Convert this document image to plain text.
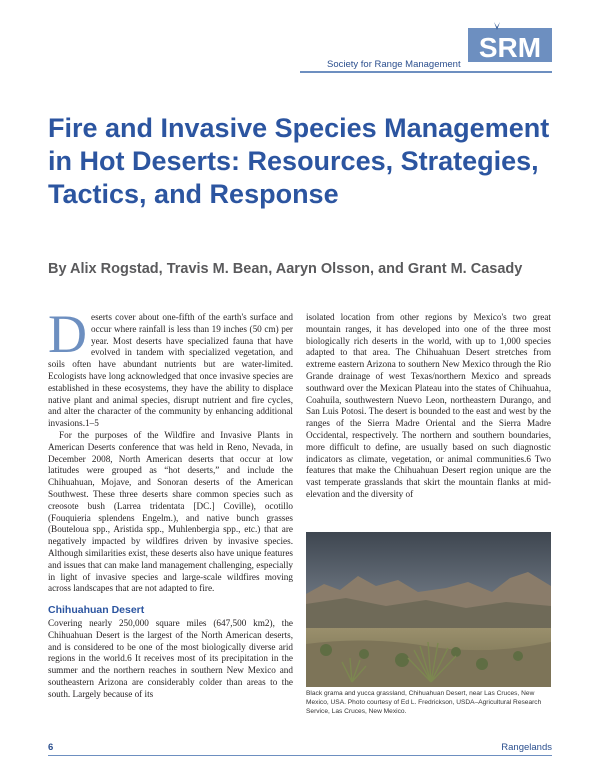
SRM
Society for Range Management
Fire and Invasive Species Management in Hot Deserts: Resources, Strategies, Tactics, and Response

By Alix Rogstad, Travis M. Bean, Aaryn Olsson, and Grant M. Casady

D eserts cover about one-fifth of the earth's surface and occur where rainfall is less than 19 inches (50 cm) per year. Most deserts have specialized fauna that have evolved in tandem with specialized vegetation, and soils often have abundant nutrients but are water-limited. Ecologists have long acknowledged that once invasive species are established in these ecosystems, they have the ability to displace native plant and animal species, disrupt nutrient and fire cycles, and alter the character of the community by enhancing additional invasions.1–5

For the purposes of the Wildfire and Invasive Plants in American Deserts conference that was held in Reno, Nevada, in December 2008, North American deserts that occur at low latitudes were grouped as “hot deserts,” and include the Chihuahuan, Mojave, and Sonoran deserts of the American Southwest. These three deserts share common species such as creosote bush (Larrea tridentata [DC.] Coville), ocotillo (Fouquieria splendens Engelm.), and native bunch grasses (Bouteloua spp., Aristida spp., Muhlenbergia spp., etc.) that are negatively impacted by wildfires driven by invasive species. Although similarities exist, these deserts also have unique features and issues that can make land management challenging, especially in light of invasive species and large-scale wildfires moving across landscapes that are not adapted to fire.

Chihuahuan Desert

Covering nearly 250,000 square miles (647,500 km2), the Chihuahuan Desert is the largest of the North American deserts, and is considered to be one of the most biologically diverse arid regions in the world.6 It receives most of its precipitation in the summer and the northern reaches in southern New Mexico and southeastern Arizona are considerably colder than areas to the south. Largely because of its

isolated location from other regions by Mexico's two great mountain ranges, it has developed into one of the three most biologically rich deserts in the world, with up to 1,000 species adapted to that area. The Chihuahuan Desert stretches from extreme eastern Arizona to southern New Mexico through the Rio Grande drainage of west Texas/northern Mexico and spreads southward over the Mexican Plateau into the states of Chihuahua, Coahuila, southwestern Nuevo Leon, northeastern Durango, and San Luis Potosi. The desert is bounded to the east and west by the ranges of the Sierra Madre Oriental and the Sierra Madre Occidental, respectively. The northern and southern boundaries, more difficult to define, are usually based on such diagnostic indicators as climate, vegetation, or animal communities.6 Two features that make the Chihuahuan Desert region unique are the vast temperate grasslands that skirt the mountain flanks at mid-elevation and the diversity of

Black grama and yucca grassland, Chihuahuan Desert, near Las Cruces, New Mexico, USA. Photo courtesy of Ed L. Fredrickson, USDA–Agricultural Research Service, Las Cruces, New Mexico.

6	Rangelands
